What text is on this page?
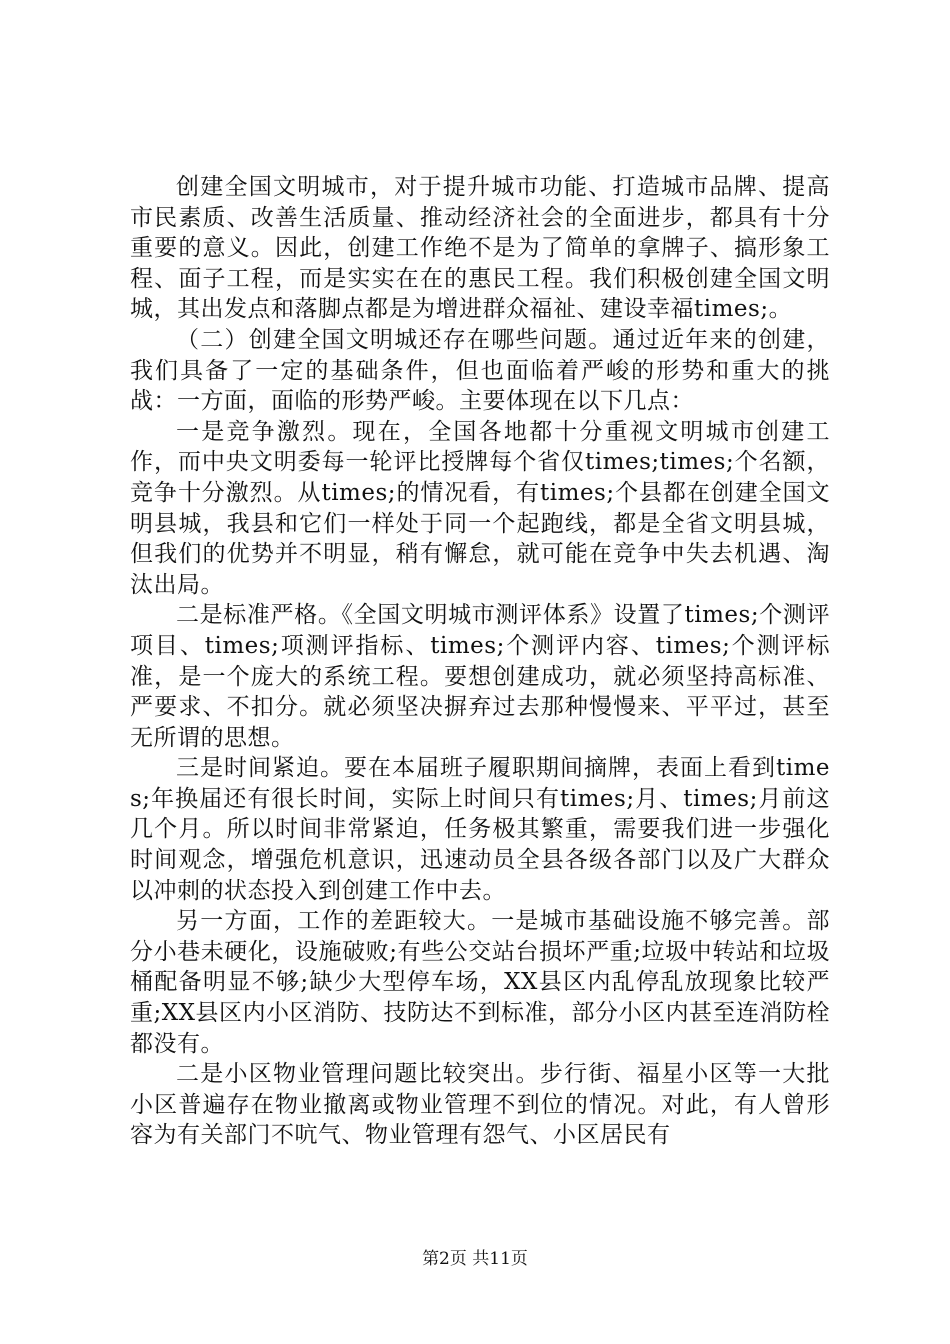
创建全国文明城市，对于提升城市功能、打造城市品牌、提高市民素质、改善生活质量、推动经济社会的全面进步，都具有十分重要的意义。因此，创建工作绝不是为了简单的拿牌子、搞形象工程、面子工程，而是实实在在的惠民工程。我们积极创建全国文明城，其出发点和落脚点都是为增进群众福祉、建设幸福times;。

（二）创建全国文明城还存在哪些问题。通过近年来的创建，我们具备了一定的基础条件，但也面临着严峻的形势和重大的挑战：一方面，面临的形势严峻。主要体现在以下几点：

一是竞争激烈。现在，全国各地都十分重视文明城市创建工作，而中央文明委每一轮评比授牌每个省仅times;times;个名额，竞争十分激烈。从times;的情况看，有times;个县都在创建全国文明县城，我县和它们一样处于同一个起跑线，都是全省文明县城，但我们的优势并不明显，稍有懈怠，就可能在竞争中失去机遇、淘汰出局。

二是标准严格。《全国文明城市测评体系》设置了times;个测评项目、times;项测评指标、times;个测评内容、times;个测评标准，是一个庞大的系统工程。要想创建成功，就必须坚持高标准、严要求、不扣分。就必须坚决摒弃过去那种慢慢来、平平过，甚至无所谓的思想。

三是时间紧迫。要在本届班子履职期间摘牌，表面上看到times;年换届还有很长时间，实际上时间只有times;月、times;月前这几个月。所以时间非常紧迫，任务极其繁重，需要我们进一步强化时间观念，增强危机意识，迅速动员全县各级各部门以及广大群众以冲刺的状态投入到创建工作中去。

另一方面，工作的差距较大。一是城市基础设施不够完善。部分小巷未硬化，设施破败;有些公交站台损坏严重;垃圾中转站和垃圾桶配备明显不够;缺少大型停车场，XX县区内乱停乱放现象比较严重;XX县区内小区消防、技防达不到标准，部分小区内甚至连消防栓都没有。

二是小区物业管理问题比较突出。步行街、福星小区等一大批小区普遍存在物业撤离或物业管理不到位的情况。对此，有人曾形容为有关部门不吭气、物业管理有怨气、小区居民有

第2页 共11页
